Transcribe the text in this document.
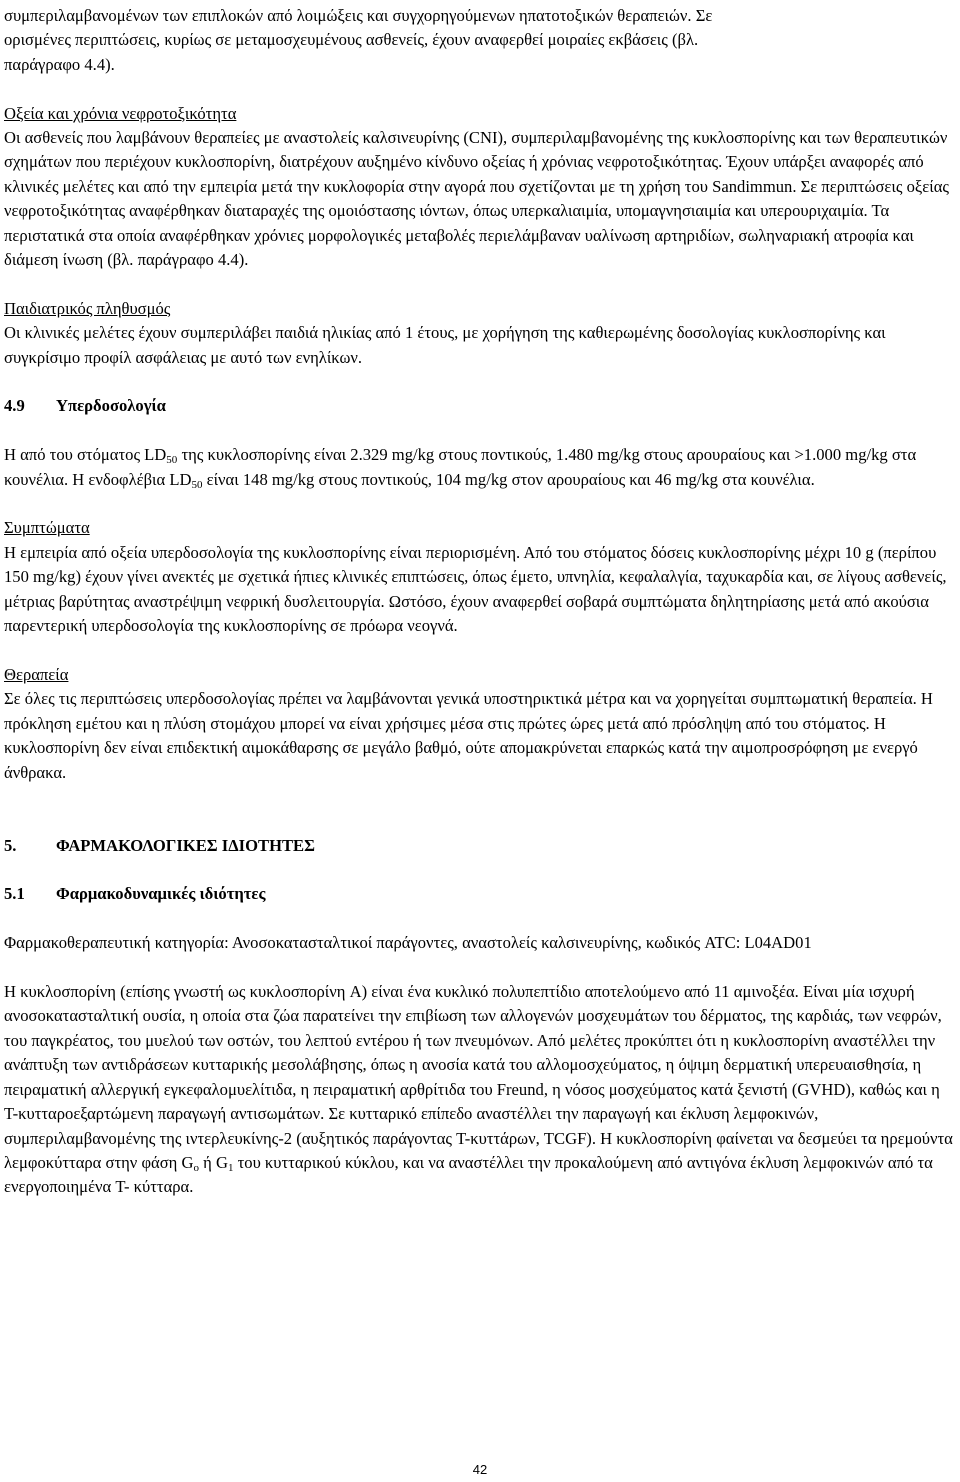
συμπεριλαμβανομένων των επιπλοκών από λοιμώξεις και συγχορηγούμενων ηπατοτοξικών θεραπειών. Σε
ορισμένες περιπτώσεις, κυρίως σε μεταμοσχευμένους ασθενείς, έχουν αναφερθεί μοιραίες εκβάσεις (βλ.
παράγραφο 4.4).
Οξεία και χρόνια νεφροτοξικότητα
Οι ασθενείς που λαμβάνουν θεραπείες με αναστολείς καλσινευρίνης (CNI), συμπεριλαμβανομένης της κυκλοσπορίνης και των θεραπευτικών σχημάτων που περιέχουν κυκλοσπορίνη, διατρέχουν αυξημένο κίνδυνο οξείας ή χρόνιας νεφροτοξικότητας. Έχουν υπάρξει αναφορές από κλινικές μελέτες και από την εμπειρία μετά την κυκλοφορία στην αγορά που σχετίζονται με τη χρήση του Sandimmun. Σε περιπτώσεις οξείας νεφροτοξικότητας αναφέρθηκαν διαταραχές της ομοιόστασης ιόντων, όπως υπερκαλιαιμία, υπομαγνησιαιμία και υπερουριχαιμία. Τα περιστατικά στα οποία αναφέρθηκαν χρόνιες μορφολογικές μεταβολές περιελάμβαναν υαλίνωση αρτηριδίων, σωληναριακή ατροφία και διάμεση ίνωση (βλ. παράγραφο 4.4).
Παιδιατρικός πληθυσμός
Οι κλινικές μελέτες έχουν συμπεριλάβει παιδιά ηλικίας από 1 έτους, με χορήγηση της καθιερωμένης δοσολογίας κυκλοσπορίνης και συγκρίσιμο προφίλ ασφάλειας με αυτό των ενηλίκων.
4.9	Υπερδοσολογία
Η από του στόματος $LD_{50}$ της κυκλοσπορίνης είναι 2.329 mg/kg στους ποντικούς, 1.480 mg/kg στους αρουραίους και >1.000 mg/kg στα κουνέλια. Η ενδοφλέβια $LD_{50}$ είναι 148 mg/kg στους ποντικούς, 104 mg/kg στον αρουραίους και 46 mg/kg στα κουνέλια.
Συμπτώματα
Η εμπειρία από οξεία υπερδοσολογία της κυκλοσπορίνης είναι περιορισμένη. Από του στόματος δόσεις κυκλοσπορίνης μέχρι 10 g (περίπου 150 mg/kg) έχουν γίνει ανεκτές με σχετικά ήπιες κλινικές επιπτώσεις, όπως έμετο, υπνηλία, κεφαλαλγία, ταχυκαρδία και, σε λίγους ασθενείς, μέτριας βαρύτητας αναστρέψιμη νεφρική δυσλειτουργία. Ωστόσο, έχουν αναφερθεί σοβαρά συμπτώματα δηλητηρίασης μετά από ακούσια παρεντερική υπερδοσολογία της κυκλοσπορίνης σε πρόωρα νεογνά.
Θεραπεία
Σε όλες τις περιπτώσεις υπερδοσολογίας πρέπει να λαμβάνονται γενικά υποστηρικτικά μέτρα και να χορηγείται συμπτωματική θεραπεία. Η πρόκληση εμέτου και η πλύση στομάχου μπορεί να είναι χρήσιμες μέσα στις πρώτες ώρες μετά από πρόσληψη από του στόματος. Η κυκλοσπορίνη δεν είναι επιδεκτική αιμοκάθαρσης σε μεγάλο βαθμό, ούτε απομακρύνεται επαρκώς κατά την αιμοπροσρόφηση με ενεργό άνθρακα.
5.	ΦΑΡΜΑΚΟΛΟΓΙΚΕΣ ΙΔΙΟΤΗΤΕΣ
5.1	Φαρμακοδυναμικές ιδιότητες
Φαρμακοθεραπευτική κατηγορία: Ανοσοκατασταλτικοί παράγοντες, αναστολείς καλσινευρίνης, κωδικός ATC: L04AD01
Η κυκλοσπορίνη (επίσης γνωστή ως κυκλοσπορίνη A) είναι ένα κυκλικό πολυπεπτίδιο αποτελούμενο από 11 αμινοξέα. Είναι μία ισχυρή ανοσοκατασταλτική ουσία, η οποία στα ζώα παρατείνει την επιβίωση των αλλογενών μοσχευμάτων του δέρματος, της καρδιάς, των νεφρών, του παγκρέατος, του μυελού των οστών, του λεπτού εντέρου ή των πνευμόνων. Από μελέτες προκύπτει ότι η κυκλοσπορίνη αναστέλλει την ανάπτυξη των αντιδράσεων κυτταρικής μεσολάβησης, όπως η ανοσία κατά του αλλομοσχεύματος, η όψιμη δερματική υπερευαισθησία, η πειραματική αλλεργική εγκεφαλομυελίτιδα, η πειραματική αρθρίτιδα του Freund, η νόσος μοσχεύματος κατά ξενιστή (GVHD), καθώς και η T-κυτταροεξαρτώμενη παραγωγή αντισωμάτων. Σε κυτταρικό επίπεδο αναστέλλει την παραγωγή και έκλυση λεμφοκινών, συμπεριλαμβανομένης της ιντερλευκίνης-2 (αυξητικός παράγοντας T-κυττάρων, TCGF). Η κυκλοσπορίνη φαίνεται να δεσμεύει τα ηρεμούντα λεμφοκύτταρα στην φάση $G_o$ ή $G_1$ του κυτταρικού κύκλου, και να αναστέλλει την προκαλούμενη από αντιγόνα έκλυση λεμφοκινών από τα ενεργοποιημένα T- κύτταρα.
42
